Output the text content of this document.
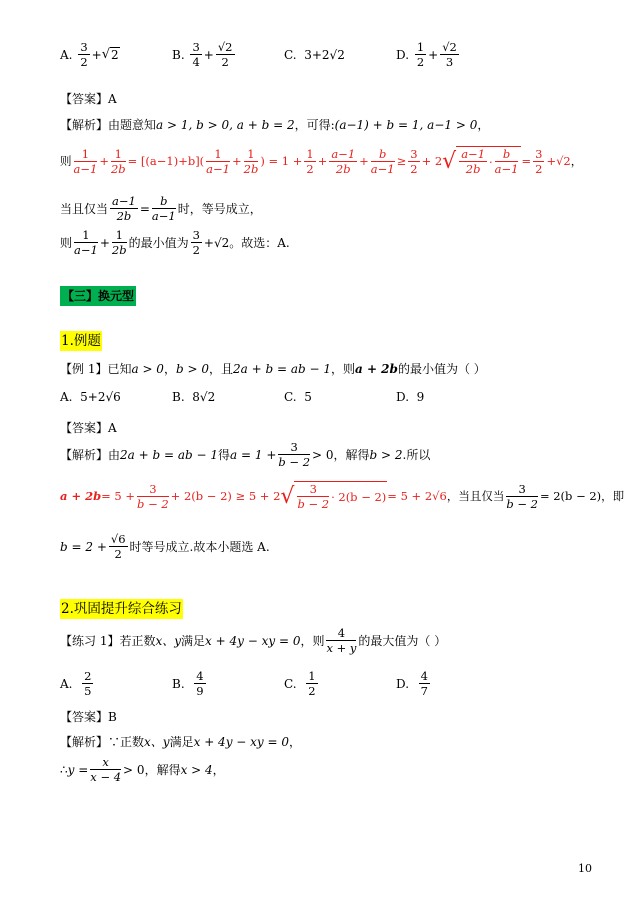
A.
$\frac{3}{2}$ + √ 2	B.
$\frac{3}{4} + \frac{√2}{2}$	C.
3+2√2	D.
$\frac{1}{2} + \frac{√2}{3}$
【答案】A
【解析】 由题意知 a > 1, b > 0, a + b = 2 ，可得: (a−1) + b = 1, a−1 > 0 ，
则 $\frac{1}{a-1} + \frac{1}{2b} = [(a-1)+b]( \frac{1}{a-1} + \frac{1}{2b}$ ) = $1 + \frac{1}{2} + \frac{a-1}{2b} + \frac{b}{a-1} \ge \frac{3}{2} + 2$ √ $\frac{a-1}{2b} \cdot \frac{b}{a-1} = \frac{3}{2} + √2$ ，
当且仅当 $\frac{a-1}{2b} = \frac{b}{a-1}$ 时，等号成立，
则 $\frac{1}{a-1} + \frac{1}{2b}$ 的最小值为 $\frac{3}{2} + √2$ 。故选：A.
【三】换元型
1.例题
【例 1】 已知 a > 0 ， b > 0 ，且 2a + b = ab − 1 ，则 a + 2b 的最小值为（ ）
A. 5+2√6	B. 8√2	C. 5	D. 9
【答案】A
【解析】 由 2a + b = ab − 1 得 $a = 1 + \frac{3}{b - 2} > 0$ ，解得 b > 2 .所以
$a + 2b = 5 + \frac{3}{b - 2} + 2(b - 2) \ge 5 + 2$ √ $\frac{3}{b - 2} \cdot 2(b - 2) = 5 + 2$ √6 ，当且仅当 $\frac{3}{b - 2} = 2(b - 2)$ ，即
$b = 2 + \frac{√6}{2}$ 时等号成立.故本小题选 A.
2.巩固提升综合练习
【练习 1】 若正数 x、y 满足 x + 4y − xy = 0 ，则 $\frac{4}{x + y}$ 的最大值为（ ）
A.
$\frac{2}{5}$	B.
$\frac{4}{9}$	C.
$\frac{1}{2}$	D.
$\frac{4}{7}$
【答案】B
【解析】 ∵正数 x、y 满足 x + 4y − xy = 0 ，
∴ $y = \frac{x}{x - 4} > 0$ ，解得 x > 4 ，
10
